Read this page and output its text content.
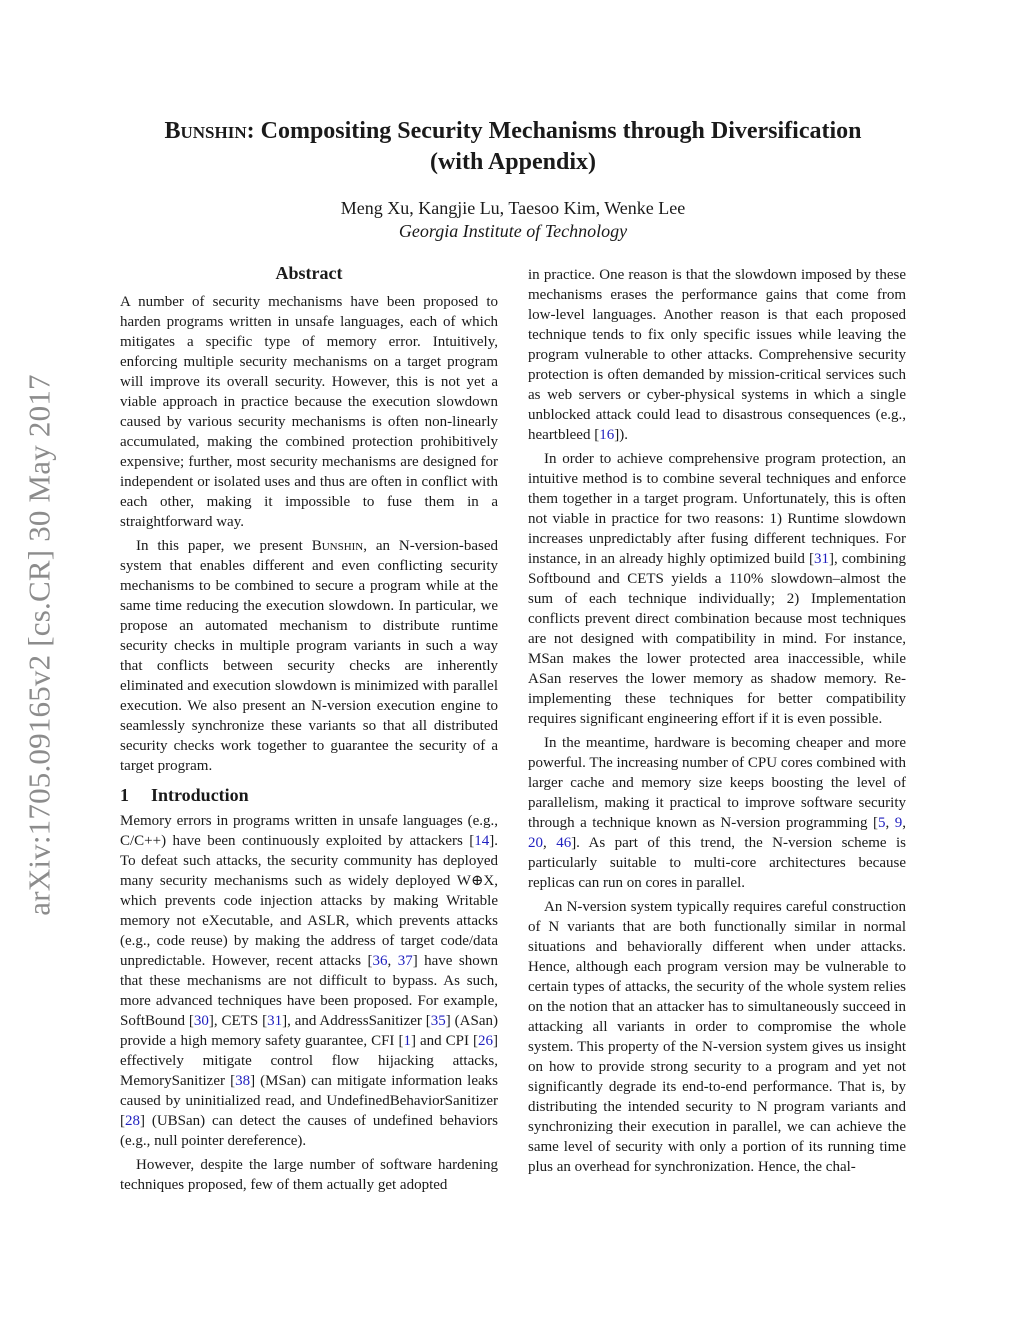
arXiv:1705.09165v2 [cs.CR] 30 May 2017
Bunshin: Compositing Security Mechanisms through Diversification
(with Appendix)
Meng Xu, Kangjie Lu, Taesoo Kim, Wenke Lee
Georgia Institute of Technology
Abstract

A number of security mechanisms have been proposed to harden programs written in unsafe languages, each of which mitigates a specific type of memory error. Intuitively, enforcing multiple security mechanisms on a target program will improve its overall security. However, this is not yet a viable approach in practice because the execution slowdown caused by various security mechanisms is often non-linearly accumulated, making the combined protection prohibitively expensive; further, most security mechanisms are designed for independent or isolated uses and thus are often in conflict with each other, making it impossible to fuse them in a straightforward way.

In this paper, we present Bunshin, an N-version-based system that enables different and even conflicting security mechanisms to be combined to secure a program while at the same time reducing the execution slowdown. In particular, we propose an automated mechanism to distribute runtime security checks in multiple program variants in such a way that conflicts between security checks are inherently eliminated and execution slowdown is minimized with parallel execution. We also present an N-version execution engine to seamlessly synchronize these variants so that all distributed security checks work together to guarantee the security of a target program.

1 Introduction

Memory errors in programs written in unsafe languages (e.g., C/C++) have been continuously exploited by attackers [14]. To defeat such attacks, the security community has deployed many security mechanisms such as widely deployed W⊕X, which prevents code injection attacks by making Writable memory not eXecutable, and ASLR, which prevents attacks (e.g., code reuse) by making the address of target code/data unpredictable. However, recent attacks [36, 37] have shown that these mechanisms are not difficult to bypass. As such, more advanced techniques have been proposed. For example, SoftBound [30], CETS [31], and AddressSanitizer [35] (ASan) provide a high memory safety guarantee, CFI [1] and CPI [26] effectively mitigate control flow hijacking attacks, MemorySanitizer [38] (MSan) can mitigate information leaks caused by uninitialized read, and UndefinedBehaviorSanitizer [28] (UBSan) can detect the causes of undefined behaviors (e.g., null pointer dereference).

However, despite the large number of software hardening techniques proposed, few of them actually get adopted

in practice. One reason is that the slowdown imposed by these mechanisms erases the performance gains that come from low-level languages. Another reason is that each proposed technique tends to fix only specific issues while leaving the program vulnerable to other attacks. Comprehensive security protection is often demanded by mission-critical services such as web servers or cyber-physical systems in which a single unblocked attack could lead to disastrous consequences (e.g., heartbleed [16]).

In order to achieve comprehensive program protection, an intuitive method is to combine several techniques and enforce them together in a target program. Unfortunately, this is often not viable in practice for two reasons: 1) Runtime slowdown increases unpredictably after fusing different techniques. For instance, in an already highly optimized build [31], combining Softbound and CETS yields a 110% slowdown–almost the sum of each technique individually; 2) Implementation conflicts prevent direct combination because most techniques are not designed with compatibility in mind. For instance, MSan makes the lower protected area inaccessible, while ASan reserves the lower memory as shadow memory. Re-implementing these techniques for better compatibility requires significant engineering effort if it is even possible.

In the meantime, hardware is becoming cheaper and more powerful. The increasing number of CPU cores combined with larger cache and memory size keeps boosting the level of parallelism, making it practical to improve software security through a technique known as N-version programming [5, 9, 20, 46]. As part of this trend, the N-version scheme is particularly suitable to multi-core architectures because replicas can run on cores in parallel.

An N-version system typically requires careful construction of N variants that are both functionally similar in normal situations and behaviorally different when under attacks. Hence, although each program version may be vulnerable to certain types of attacks, the security of the whole system relies on the notion that an attacker has to simultaneously succeed in attacking all variants in order to compromise the whole system. This property of the N-version system gives us insight on how to provide strong security to a program and yet not significantly degrade its end-to-end performance. That is, by distributing the intended security to N program variants and synchronizing their execution in parallel, we can achieve the same level of security with only a portion of its running time plus an overhead for synchronization. Hence, the chal-
